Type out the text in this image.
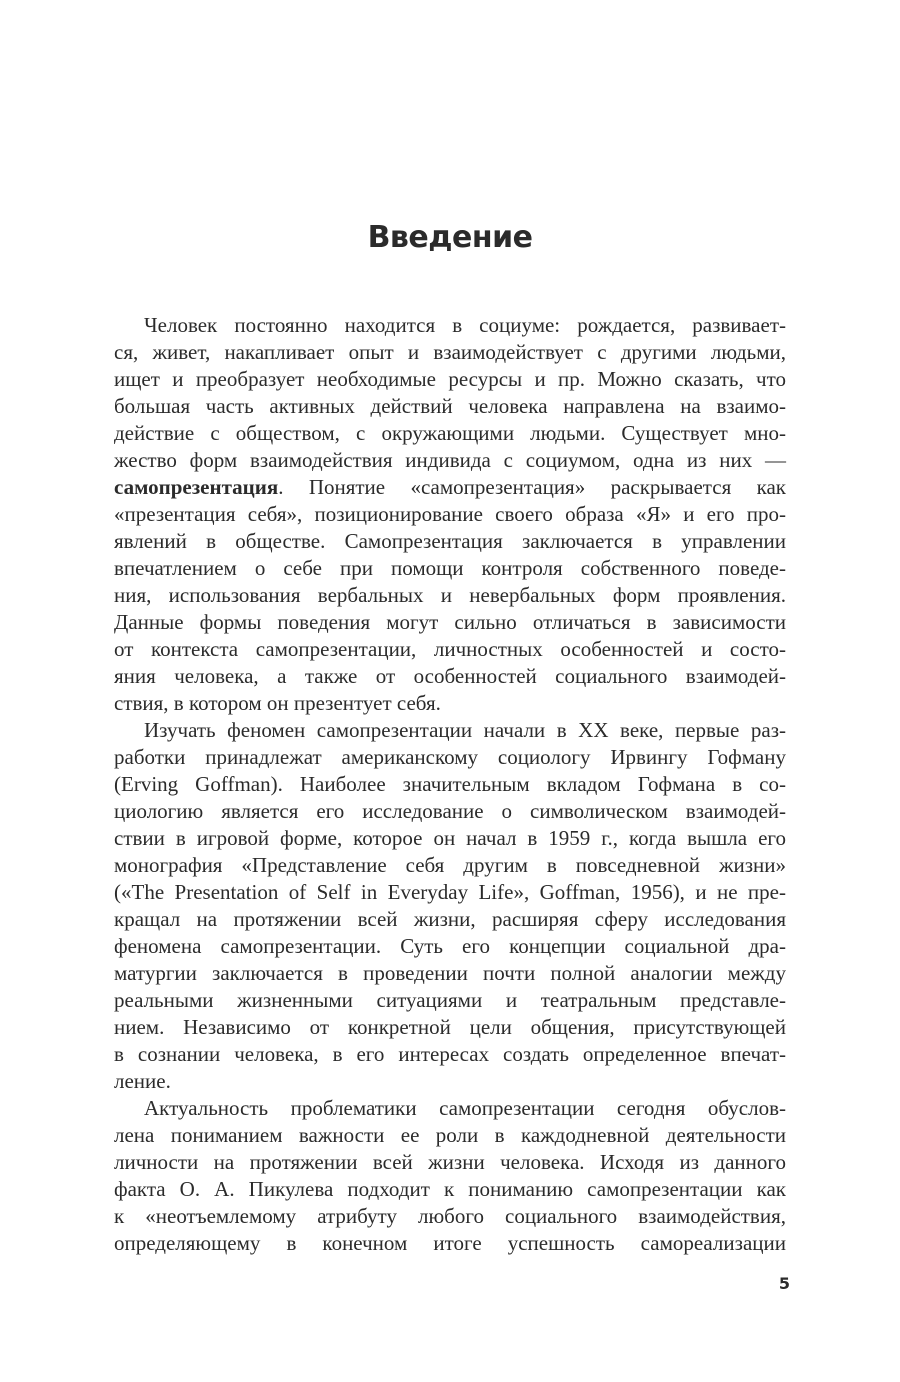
Введение
Человек постоянно находится в социуме: рождается, развивает-
ся, живет, накапливает опыт и взаимодействует с другими людьми,
ищет и преобразует необходимые ресурсы и пр. Можно сказать, что
большая часть активных действий человека направлена на взаимо-
действие с обществом, с окружающими людьми. Существует мно-
жество форм взаимодействия индивида с социумом, одна из них —
самопрезентация. Понятие «самопрезентация» раскрывается как
«презентация себя», позиционирование своего образа «Я» и его про-
явлений в обществе. Самопрезентация заключается в управлении
впечатлением о себе при помощи контроля собственного поведе-
ния, использования вербальных и невербальных форм проявления.
Данные формы поведения могут сильно отличаться в зависимости
от контекста самопрезентации, личностных особенностей и состо-
яния человека, а также от особенностей социального взаимодей-
ствия, в котором он презентует себя.
Изучать феномен самопрезентации начали в XX веке, первые раз-
работки принадлежат американскому социологу Ирвингу Гофману
(Erving Goffman). Наиболее значительным вкладом Гофмана в со-
циологию является его исследование о символическом взаимодей-
ствии в игровой форме, которое он начал в 1959 г., когда вышла его
монография «Представление себя другим в повседневной жизни»
(«The Presentation of Self in Everyday Life», Goffman, 1956), и не пре-
кращал на протяжении всей жизни, расширяя сферу исследования
феномена самопрезентации. Суть его концепции социальной дра-
матургии заключается в проведении почти полной аналогии между
реальными жизненными ситуациями и театральным представле-
нием. Независимо от конкретной цели общения, присутствующей
в сознании человека, в его интересах создать определенное впечат-
ление.
Актуальность проблематики самопрезентации сегодня обуслов-
лена пониманием важности ее роли в каждодневной деятельности
личности на протяжении всей жизни человека. Исходя из данного
факта О. А. Пикулева подходит к пониманию самопрезентации как
к «неотъемлемому атрибуту любого социального взаимодействия,
определяющему в конечном итоге успешность самореализации
5
